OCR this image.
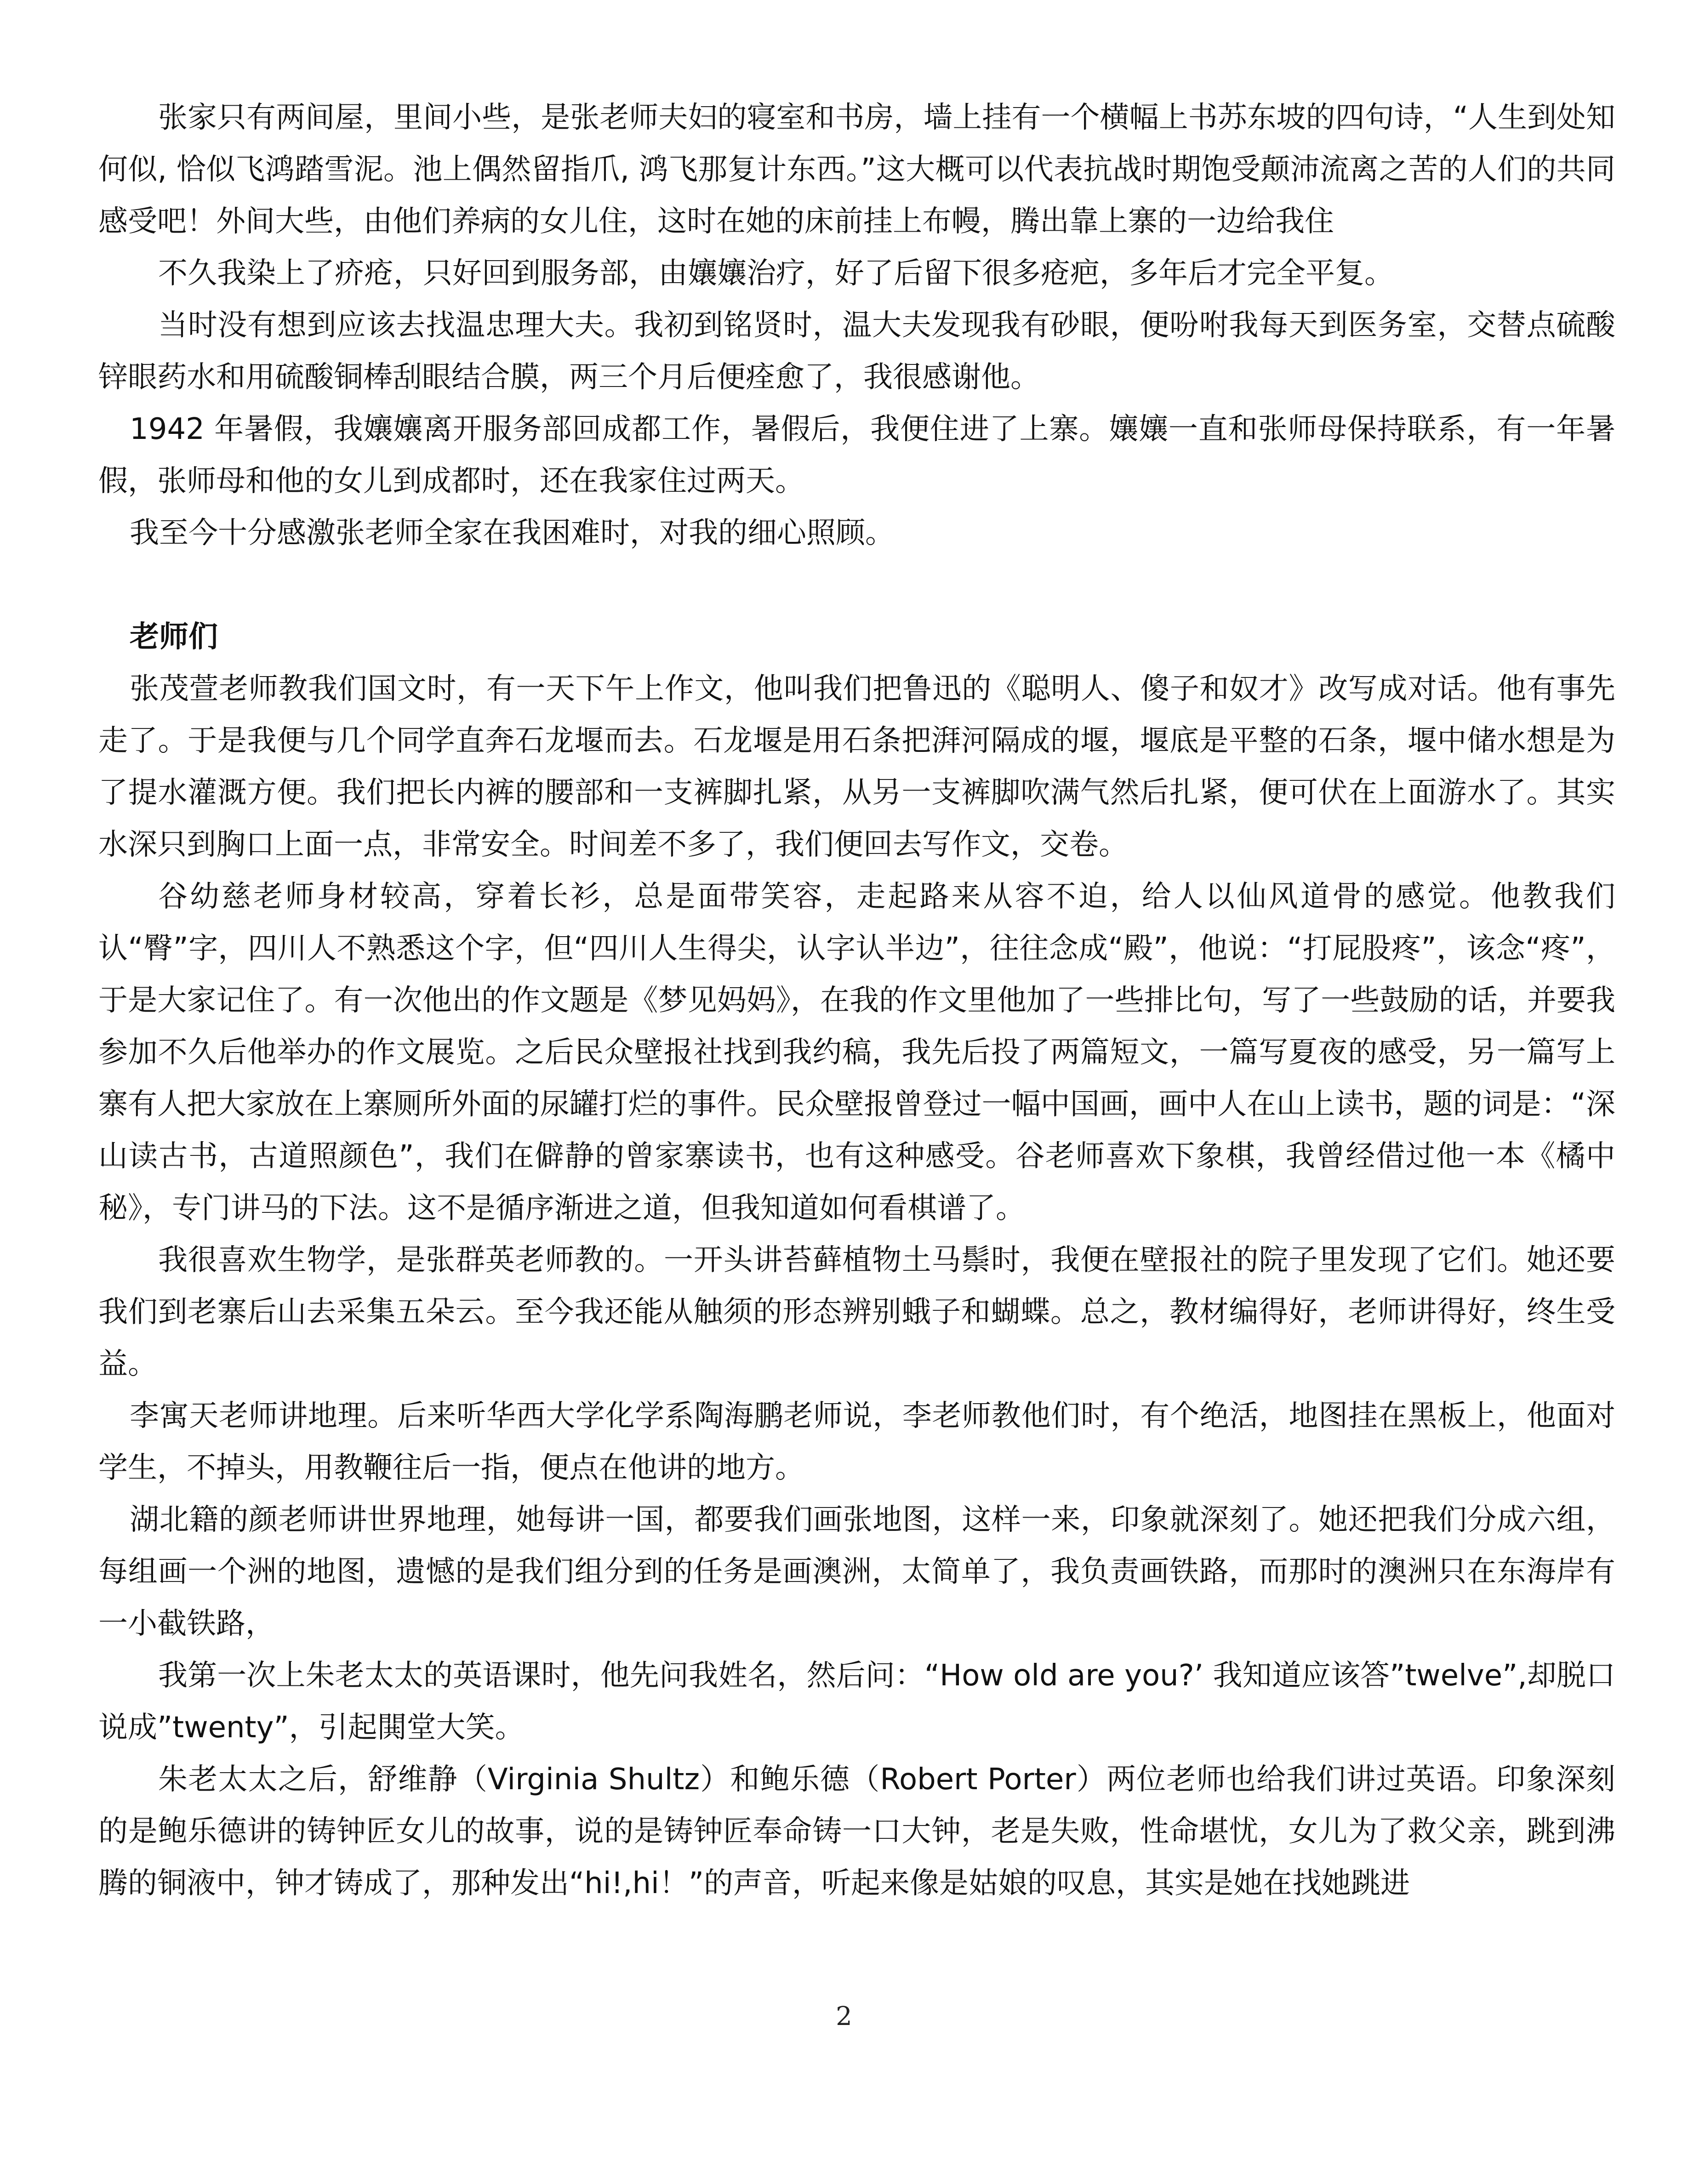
张家只有两间屋，里间小些，是张老师夫妇的寝室和书房，墙上挂有一个横幅上书苏东坡的四句诗，“人生到处知何似, 恰似飞鸿踏雪泥。池上偶然留指爪, 鸿飞那复计东西。”这大概可以代表抗战时期饱受颠沛流离之苦的人们的共同感受吧！外间大些，由他们养病的女儿住，这时在她的床前挂上布幔，腾出靠上寨的一边给我住

不久我染上了疥疮，只好回到服务部，由孃孃治疗，好了后留下很多疮疤，多年后才完全平复。

当时没有想到应该去找温忠理大夫。我初到铭贤时，温大夫发现我有砂眼，便吩咐我每天到医务室，交替点硫酸锌眼药水和用硫酸铜棒刮眼结合膜，两三个月后便痊愈了，我很感谢他。

1942 年暑假，我孃孃离开服务部回成都工作，暑假后，我便住进了上寨。孃孃一直和张师母保持联系，有一年暑假，张师母和他的女儿到成都时，还在我家住过两天。

我至今十分感激张老师全家在我困难时，对我的细心照顾。

老师们

张茂萱老师教我们国文时，有一天下午上作文，他叫我们把鲁迅的《聪明人、傻子和奴才》改写成对话。他有事先走了。于是我便与几个同学直奔石龙堰而去。石龙堰是用石条把湃河隔成的堰，堰底是平整的石条，堰中储水想是为了提水灌溉方便。我们把长内裤的腰部和一支裤脚扎紧，从另一支裤脚吹满气然后扎紧，便可伏在上面游水了。其实水深只到胸口上面一点，非常安全。时间差不多了，我们便回去写作文，交卷。

谷幼慈老师身材较高，穿着长衫，总是面带笑容，走起路来从容不迫，给人以仙风道骨的感觉。他教我们认“臀”字，四川人不熟悉这个字，但“四川人生得尖，认字认半边”，往往念成“殿”，他说：“打屁股疼”，该念“疼”，于是大家记住了。有一次他出的作文题是《梦见妈妈》，在我的作文里他加了一些排比句，写了一些鼓励的话，并要我参加不久后他举办的作文展览。之后民众壁报社找到我约稿，我先后投了两篇短文，一篇写夏夜的感受，另一篇写上寨有人把大家放在上寨厕所外面的尿罐打烂的事件。民众壁报曾登过一幅中国画，画中人在山上读书，题的词是：“深山读古书，古道照颜色”，我们在僻静的曾家寨读书，也有这种感受。谷老师喜欢下象棋，我曾经借过他一本《橘中秘》，专门讲马的下法。这不是循序渐进之道，但我知道如何看棋谱了。

我很喜欢生物学，是张群英老师教的。一开头讲苔藓植物土马鬃时，我便在壁报社的院子里发现了它们。她还要我们到老寨后山去采集五朵云。至今我还能从触须的形态辨别蛾子和蝴蝶。总之，教材编得好，老师讲得好，终生受益。

李寓天老师讲地理。后来听华西大学化学系陶海鹏老师说，李老师教他们时，有个绝活，地图挂在黑板上，他面对学生，不掉头，用教鞭往后一指，便点在他讲的地方。

湖北籍的颜老师讲世界地理，她每讲一国，都要我们画张地图，这样一来，印象就深刻了。她还把我们分成六组，每组画一个洲的地图，遗憾的是我们组分到的任务是画澳洲，太简单了，我负责画铁路，而那时的澳洲只在东海岸有一小截铁路，

我第一次上朱老太太的英语课时，他先问我姓名，然后问：“How old are you?’ 我知道应该答”twelve”,却脱口说成”twenty”，引起閧堂大笑。

朱老太太之后，舒维静（Virginia Shultz）和鲍乐德（Robert Porter）两位老师也给我们讲过英语。印象深刻的是鲍乐德讲的铸钟匠女儿的故事，说的是铸钟匠奉命铸一口大钟，老是失败，性命堪忧，女儿为了救父亲，跳到沸腾的铜液中，钟才铸成了，那种发出“hi!,hi！”的声音，听起来像是姑娘的叹息，其实是她在找她跳进

2
